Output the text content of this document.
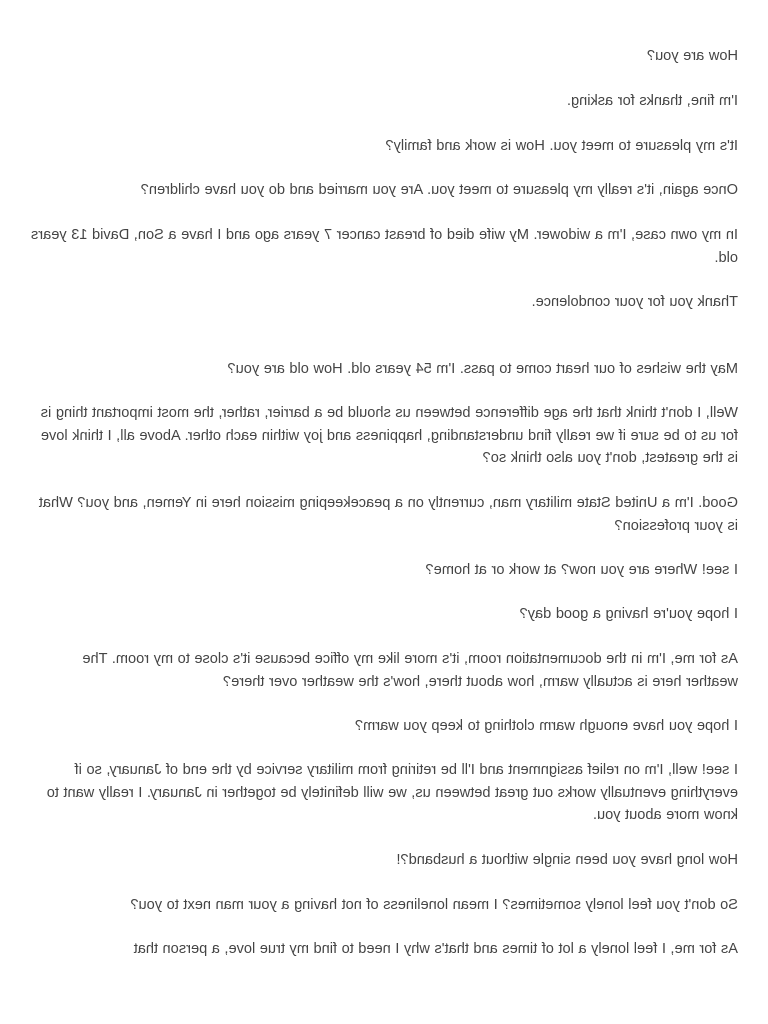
How are you?

I'm fine, thanks for asking.

It's my pleasure to meet you. How is work and family?

Once again, it's really my pleasure to meet you. Are you married and do you have children?

In my own case, I'm a widower. My wife died of breast cancer 7 years ago and I have a Son, David 13 years old.

Thank you for your condolence.

May the wishes of our heart come to pass. I'm 54 years old. How old are you?

Well, I don't think that the age difference between us should be a barrier, rather, the most important thing is for us to be sure if we really find understanding, happiness and joy within each other. Above all, I think love is the greatest, don't you also think so?

Good. I'm a United State military man, currently on a peacekeeping mission here in Yemen, and you? What is your profession?

I see! Where are you now? at work or at home?

I hope you're having a good day?

As for me, I'm in the documentation room, it's more like my office because it's close to my room. The weather here is actually warm, how about there, how's the weather over there?

I hope you have enough warm clothing to keep you warm?

I see! well, I'm on relief assignment and I'll be retiring from military service by the end of January, so if everything eventually works out great between us, we will definitely be together in January. I really want to know more about you.

How long have you been single without a husband?!

So don't you feel lonely sometimes? I mean loneliness of not having a your man next to you?

As for me, I feel lonely a lot of times and that's why I need to find my true love, a person that
